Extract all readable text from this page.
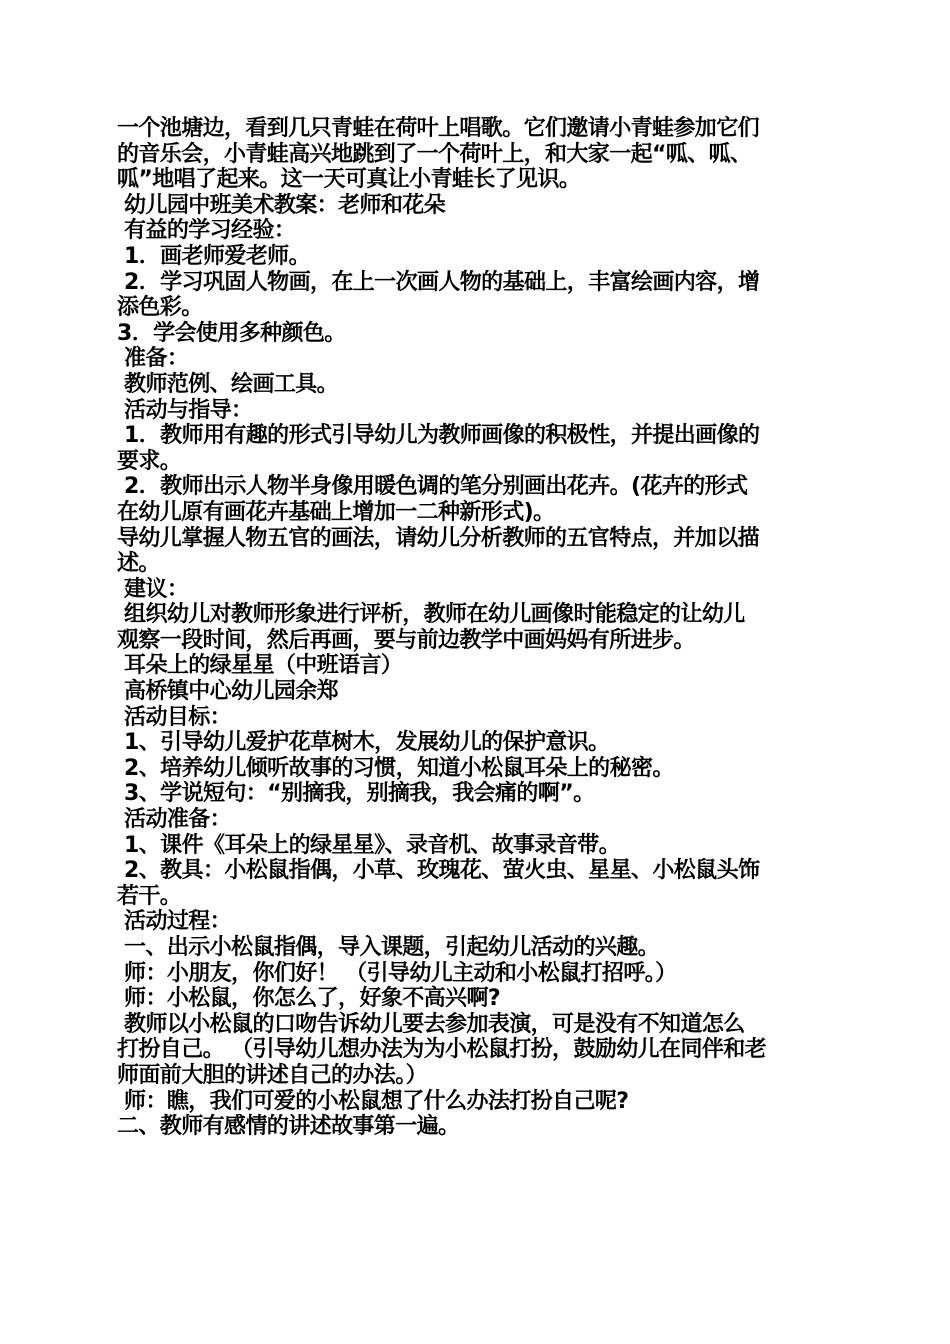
一个池塘边，看到几只青蛙在荷叶上唱歌。它们邀请小青蛙参加它们
的音乐会，小青蛙高兴地跳到了一个荷叶上，和大家一起“呱、呱、
呱”地唱了起来。这一天可真让小青蛙长了见识。
幼儿园中班美术教案：老师和花朵
有益的学习经验：
1．画老师爱老师。
2．学习巩固人物画，在上一次画人物的基础上，丰富绘画内容，增
添色彩。
3．学会使用多种颜色。
准备：
教师范例、绘画工具。
活动与指导：
1．教师用有趣的形式引导幼儿为教师画像的积极性，并提出画像的
要求。
2．教师出示人物半身像用暖色调的笔分别画出花卉。(花卉的形式
在幼儿原有画花卉基础上增加一二种新形式)。
导幼儿掌握人物五官的画法，请幼儿分析教师的五官特点，并加以描
述。
建议：
组织幼儿对教师形象进行评析，教师在幼儿画像时能稳定的让幼儿
观察一段时间，然后再画，要与前边教学中画妈妈有所进步。
耳朵上的绿星星（中班语言）
高桥镇中心幼儿园余郑
活动目标：
1、引导幼儿爱护花草树木，发展幼儿的保护意识。
2、培养幼儿倾听故事的习惯，知道小松鼠耳朵上的秘密。
3、学说短句：“别摘我，别摘我，我会痛的啊”。
活动准备：
1、课件《耳朵上的绿星星》、录音机、故事录音带。
2、教具：小松鼠指偶，小草、玫瑰花、萤火虫、星星、小松鼠头饰
若干。
活动过程：
一、出示小松鼠指偶，导入课题，引起幼儿活动的兴趣。
师：小朋友，你们好！ （引导幼儿主动和小松鼠打招呼。）
师：小松鼠，你怎么了，好象不高兴啊?
教师以小松鼠的口吻告诉幼儿要去参加表演，可是没有不知道怎么
打扮自己。 （引导幼儿想办法为为小松鼠打扮，鼓励幼儿在同伴和老
师面前大胆的讲述自己的办法。）
师：瞧，我们可爱的小松鼠想了什么办法打扮自己呢?
二、教师有感情的讲述故事第一遍。
